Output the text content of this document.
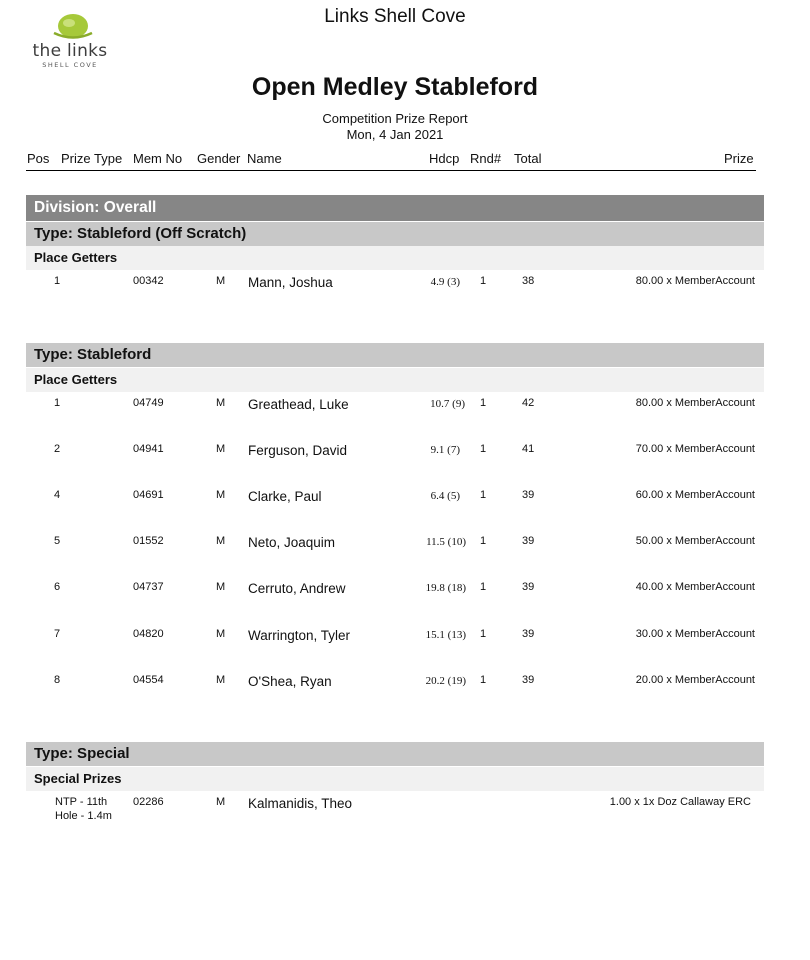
the links
SHELL COVE
Links Shell Cove
Open Medley Stableford
Competition Prize Report
Mon, 4 Jan 2021
Pos Prize Type Mem No Gender Name	Hdcp Rnd# Total	Prize
Division: Overall
Type: Stableford (Off Scratch)
Place Getters
1	00342	M Mann, Joshua	4.9 (3) 1	38	80.00 x MemberAccount
Type: Stableford
Place Getters
1	04749	M Greathead, Luke	10.7 (9) 1	42	80.00 x MemberAccount
2	04941	M Ferguson, David	9.1 (7) 1	41	70.00 x MemberAccount
4	04691	M Clarke, Paul	6.4 (5) 1	39	60.00 x MemberAccount
5	01552	M Neto, Joaquim	11.5 (10) 1	39	50.00 x MemberAccount
6	04737	M Cerruto, Andrew	19.8 (18) 1	39	40.00 x MemberAccount
7	04820	M Warrington, Tyler	15.1 (13) 1	39	30.00 x MemberAccount
8	04554	M O'Shea, Ryan	20.2 (19) 1	39	20.00 x MemberAccount
Type: Special
Special Prizes
NTP - 11th
Hole - 1.4m
02286	M Kalmanidis, Theo	1.00 x 1x Doz Callaway ERC
